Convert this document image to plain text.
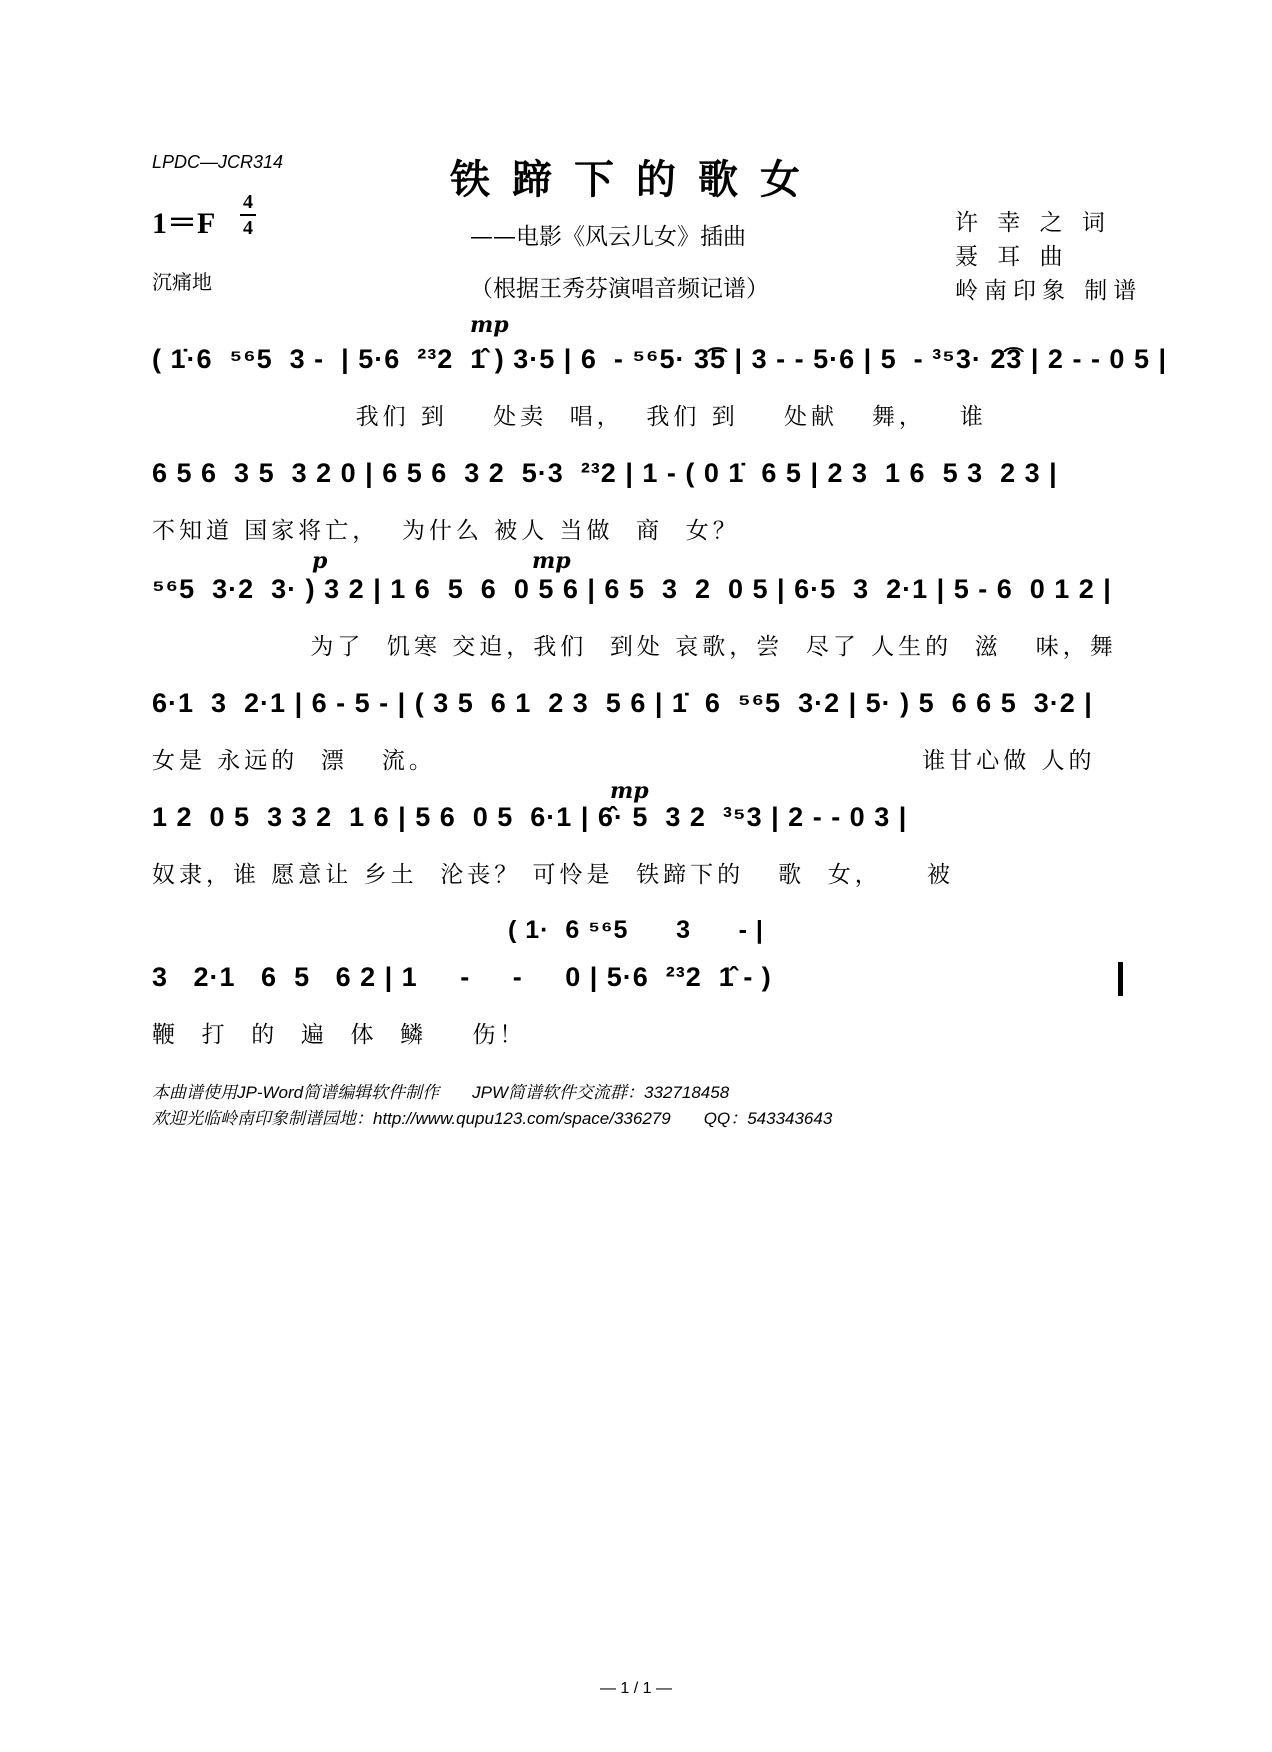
LPDC—JCR314	铁蹄下的歌女
——电影《风云儿女》插曲
（根据王秀芬演唱音频记谱）
许 幸 之 词
聂 耳 曲
岭南印象 制谱
1＝F
4
4
沉痛地
mp
p	mp
mp
( 1̇·6  ⁵⁶5  3 -  | 5·6  ²³2  1̂ ) 3·5 | 6  - ⁵⁶5· 3͡5 | 3 - - 5·6 | 5  - ³⁵3· 2͡3 | 2 - - 0 5 |
我们 到    处卖  唱，  我们 到    处献   舞，   谁
6 5 6  3 5  3 2 0 | 6 5 6  3 2  5·3  ²³2 | 1 - ( 0 1̇  6 5 | 2 3  1 6  5 3  2 3 |
不知道 国家将亡，  为什么 被人 当做  商  女？
⁵⁶5  3·2  3· ) 3 2 | 1 6  5  6  0 5 6 | 6 5  3  2  0 5 | 6·5  3  2·1 | 5 - 6  0 1 2 |
为了  饥寒 交迫，我们  到处 哀歌，尝  尽了 人生的  滋   味，舞
6·1  3  2·1 | 6 - 5 - | ( 3 5  6 1  2 3  5 6 | 1̇  6  ⁵⁶5  3·2 | 5· ) 5  6 6 5  3·2 |
女是 永远的  漂   流。                                           谁甘心做 人的
1 2  0 5  3 3 2  1 6 | 5 6  0 5  6·1 | 6̂· 5  3 2  ³⁵3 | 2 - - 0 3 |
奴隶，谁 愿意让 乡土  沦丧？ 可怜是  铁蹄下的   歌  女，    被
( 1·  6 ⁵⁶5      3      - |
3   2·1   6  5   6 2 | 1     -     -     0 | 5·6  ²³2  1̂ - )
鞭  打  的  遍  体  鳞    伤！
本曲谱使用JP-Word简谱编辑软件制作       JPW简谱软件交流群：332718458
欢迎光临岭南印象制谱园地：http://www.qupu123.com/space/336279       QQ：543343643
— 1 / 1 —
